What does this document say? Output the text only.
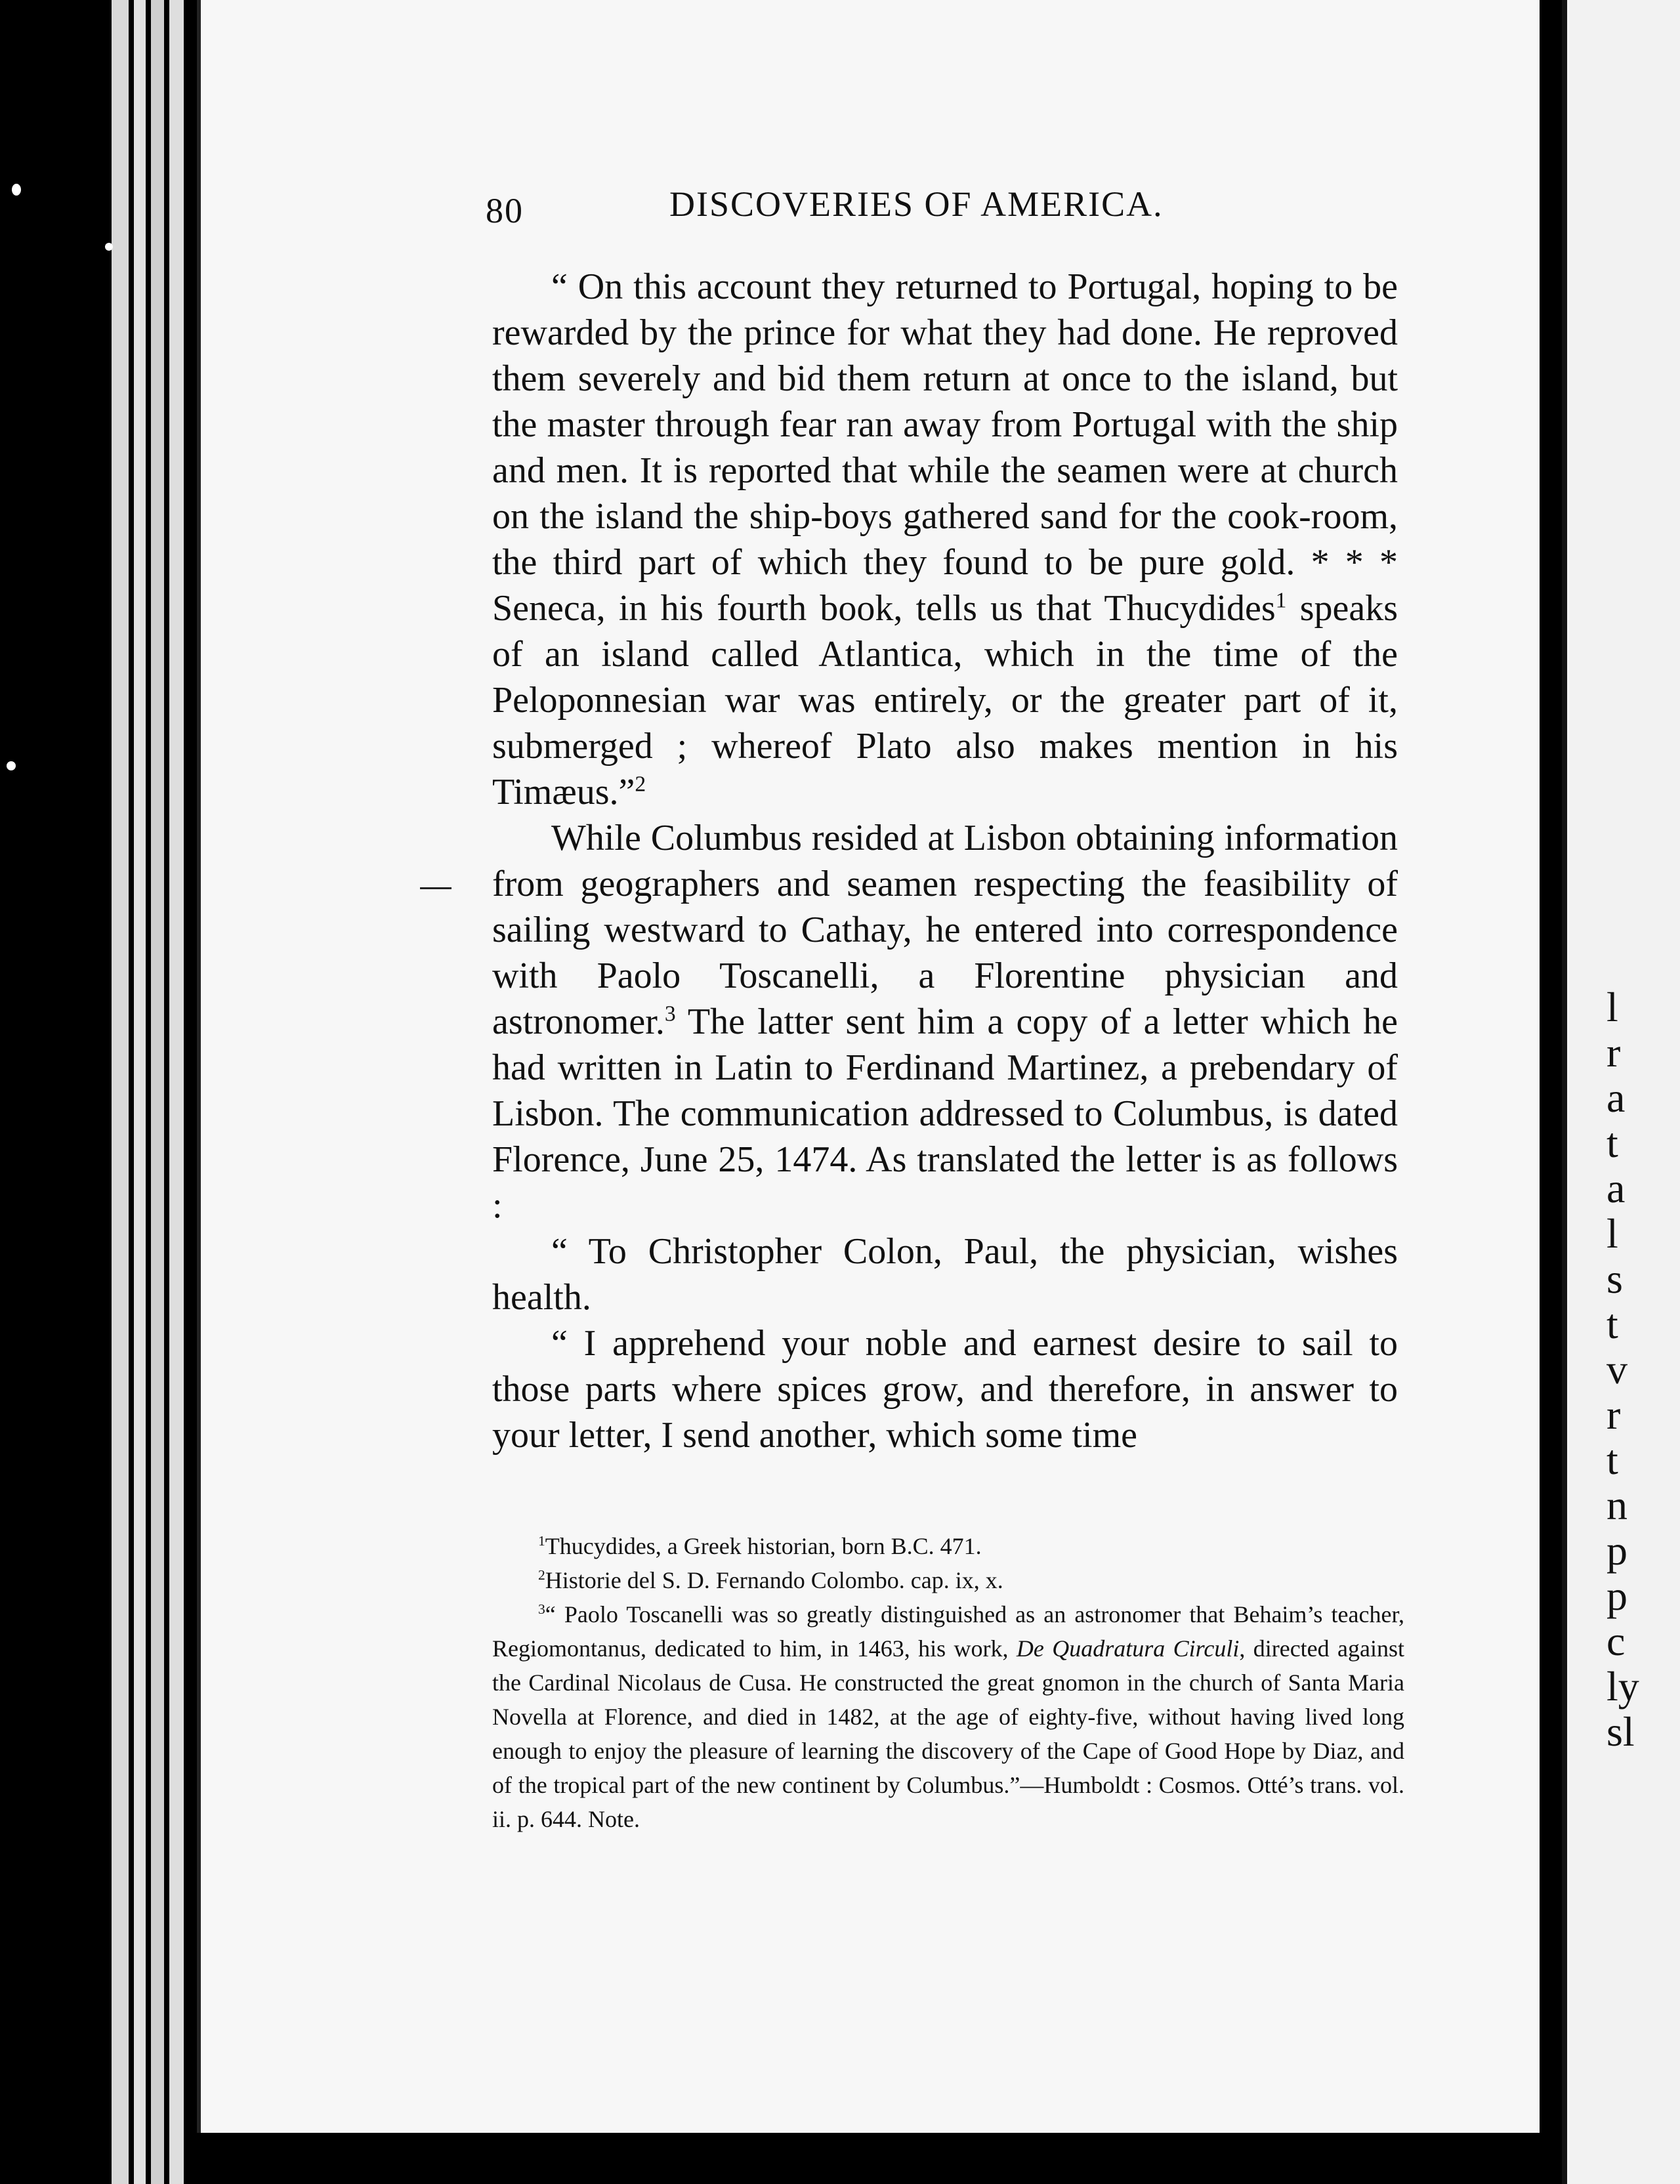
l
r
a
t
a
l
s
t
v
r
t
n
p
p
c
ly
sl
80	DISCOVERIES OF AMERICA.

“ On this account they returned to Portugal, hoping to be rewarded by the prince for what they had done. He reproved them severely and bid them return at once to the island, but the master through fear ran away from Portugal with the ship and men. It is reported that while the seamen were at church on the island the ship-boys gathered sand for the cook-room, the third part of which they found to be pure gold. * * * Seneca, in his fourth book, tells us that Thucydides$^1$ speaks of an island called Atlantica, which in the time of the Peloponnesian war was entirely, or the greater part of it, submerged ; whereof Plato also makes mention in his Timæus.”$^2$

While Columbus resided at Lisbon obtaining information from geographers and seamen respecting the feasibility of sailing westward to Cathay, he entered into correspondence with Paolo Toscanelli, a Florentine physician and astronomer.$^3$ The latter sent him a copy of a letter which he had written in Latin to Ferdinand Martinez, a prebendary of Lisbon. The communication addressed to Columbus, is dated Florence, June 25, 1474. As translated the letter is as follows :

“ To Christopher Colon, Paul, the physician, wishes health.

“ I apprehend your noble and earnest desire to sail to those parts where spices grow, and therefore, in answer to your letter, I send another, which some time

$^1$Thucydides, a Greek historian, born B.C. 471.

$^2$Historie del S. D. Fernando Colombo. cap. ix, x.

$^3$“ Paolo Toscanelli was so greatly distinguished as an astronomer that Behaim’s teacher, Regiomontanus, dedicated to him, in 1463, his work, De Quadratura Circuli, directed against the Cardinal Nicolaus de Cusa. He constructed the great gnomon in the church of Santa Maria Novella at Florence, and died in 1482, at the age of eighty-five, without having lived long enough to enjoy the pleasure of learning the discovery of the Cape of Good Hope by Diaz, and of the tropical part of the new continent by Columbus.”—Humboldt : Cosmos. Otté’s trans. vol. ii. p. 644. Note.
